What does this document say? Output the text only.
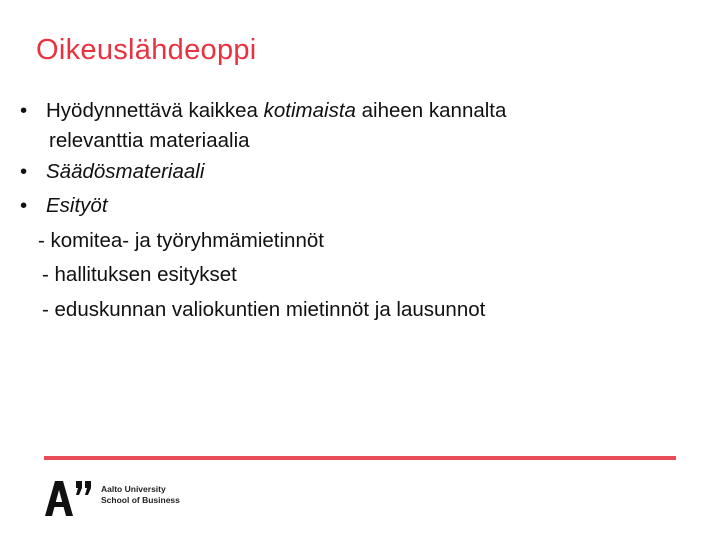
Oikeuslähdeoppi
• Hyödynnettävä kaikkea kotimaista aiheen kannalta
relevanttia materiaalia
• Säädösmateriaali
• Esityöt
- komitea- ja työryhmämietinnöt
- hallituksen esitykset
- eduskunnan valiokuntien mietinnöt ja lausunnot
Aalto University
School of Business
